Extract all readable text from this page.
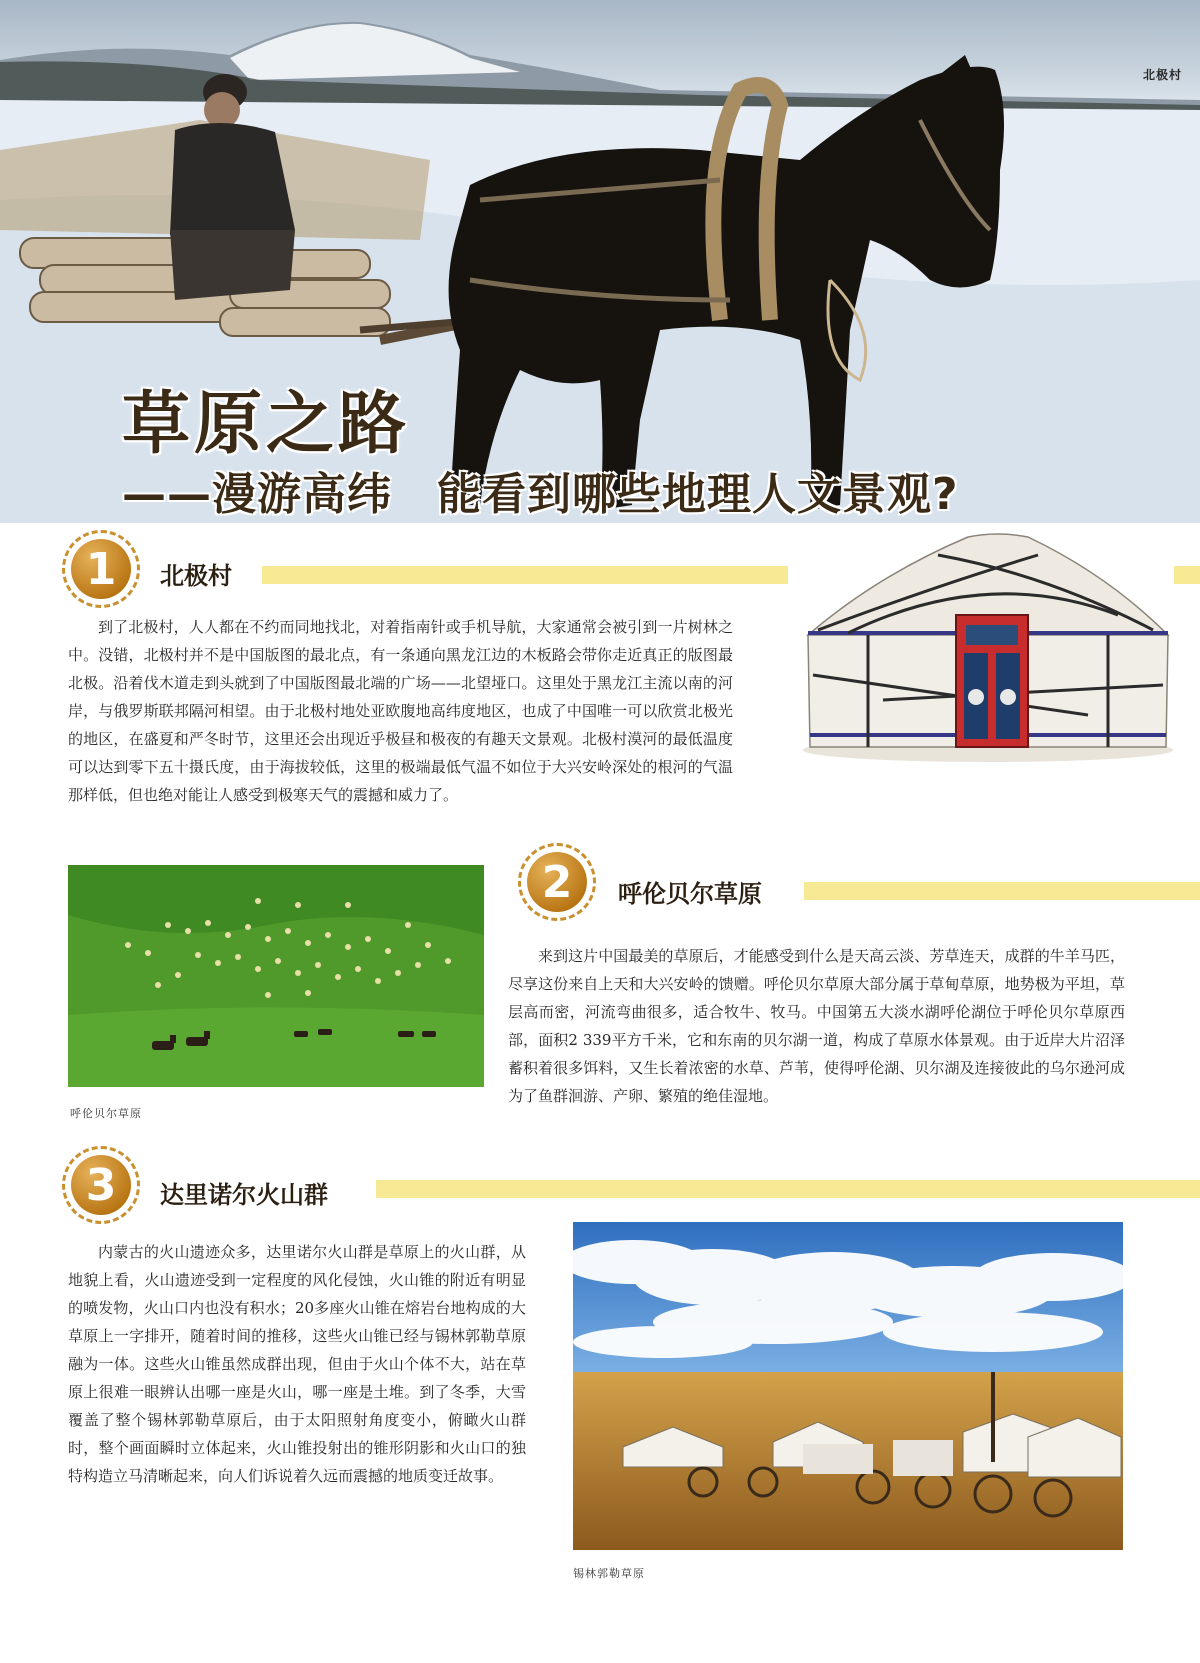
北极村
草原之路
——漫游高纬　能看到哪些地理人文景观?
1	北极村
到了北极村，人人都在不约而同地找北，对着指南针或手机导航，大家通常会被引到一片树林之中。没错，北极村并不是中国版图的最北点，有一条通向黑龙江边的木板路会带你走近真正的版图最北极。沿着伐木道走到头就到了中国版图最北端的广场——北望垭口。这里处于黑龙江主流以南的河岸，与俄罗斯联邦隔河相望。由于北极村地处亚欧腹地高纬度地区，也成了中国唯一可以欣赏北极光的地区，在盛夏和严冬时节，这里还会出现近乎极昼和极夜的有趣天文景观。北极村漠河的最低温度可以达到零下五十摄氏度，由于海拔较低，这里的极端最低气温不如位于大兴安岭深处的根河的气温那样低，但也绝对能让人感受到极寒天气的震撼和威力了。
呼伦贝尔草原
2	呼伦贝尔草原
来到这片中国最美的草原后，才能感受到什么是天高云淡、芳草连天，成群的牛羊马匹，尽享这份来自上天和大兴安岭的馈赠。呼伦贝尔草原大部分属于草甸草原，地势极为平坦，草层高而密，河流弯曲很多，适合牧牛、牧马。中国第五大淡水湖呼伦湖位于呼伦贝尔草原西部，面积2 339平方千米，它和东南的贝尔湖一道，构成了草原水体景观。由于近岸大片沼泽蓄积着很多饵料，又生长着浓密的水草、芦苇，使得呼伦湖、贝尔湖及连接彼此的乌尔逊河成为了鱼群洄游、产卵、繁殖的绝佳湿地。
3	达里诺尔火山群
内蒙古的火山遗迹众多，达里诺尔火山群是草原上的火山群，从地貌上看，火山遗迹受到一定程度的风化侵蚀，火山锥的附近有明显的喷发物，火山口内也没有积水；20多座火山锥在熔岩台地构成的大草原上一字排开，随着时间的推移，这些火山锥已经与锡林郭勒草原融为一体。这些火山锥虽然成群出现，但由于火山个体不大，站在草原上很难一眼辨认出哪一座是火山，哪一座是土堆。到了冬季，大雪覆盖了整个锡林郭勒草原后，由于太阳照射角度变小，俯瞰火山群时，整个画面瞬时立体起来，火山锥投射出的锥形阴影和火山口的独特构造立马清晰起来，向人们诉说着久远而震撼的地质变迁故事。
锡林郭勒草原
